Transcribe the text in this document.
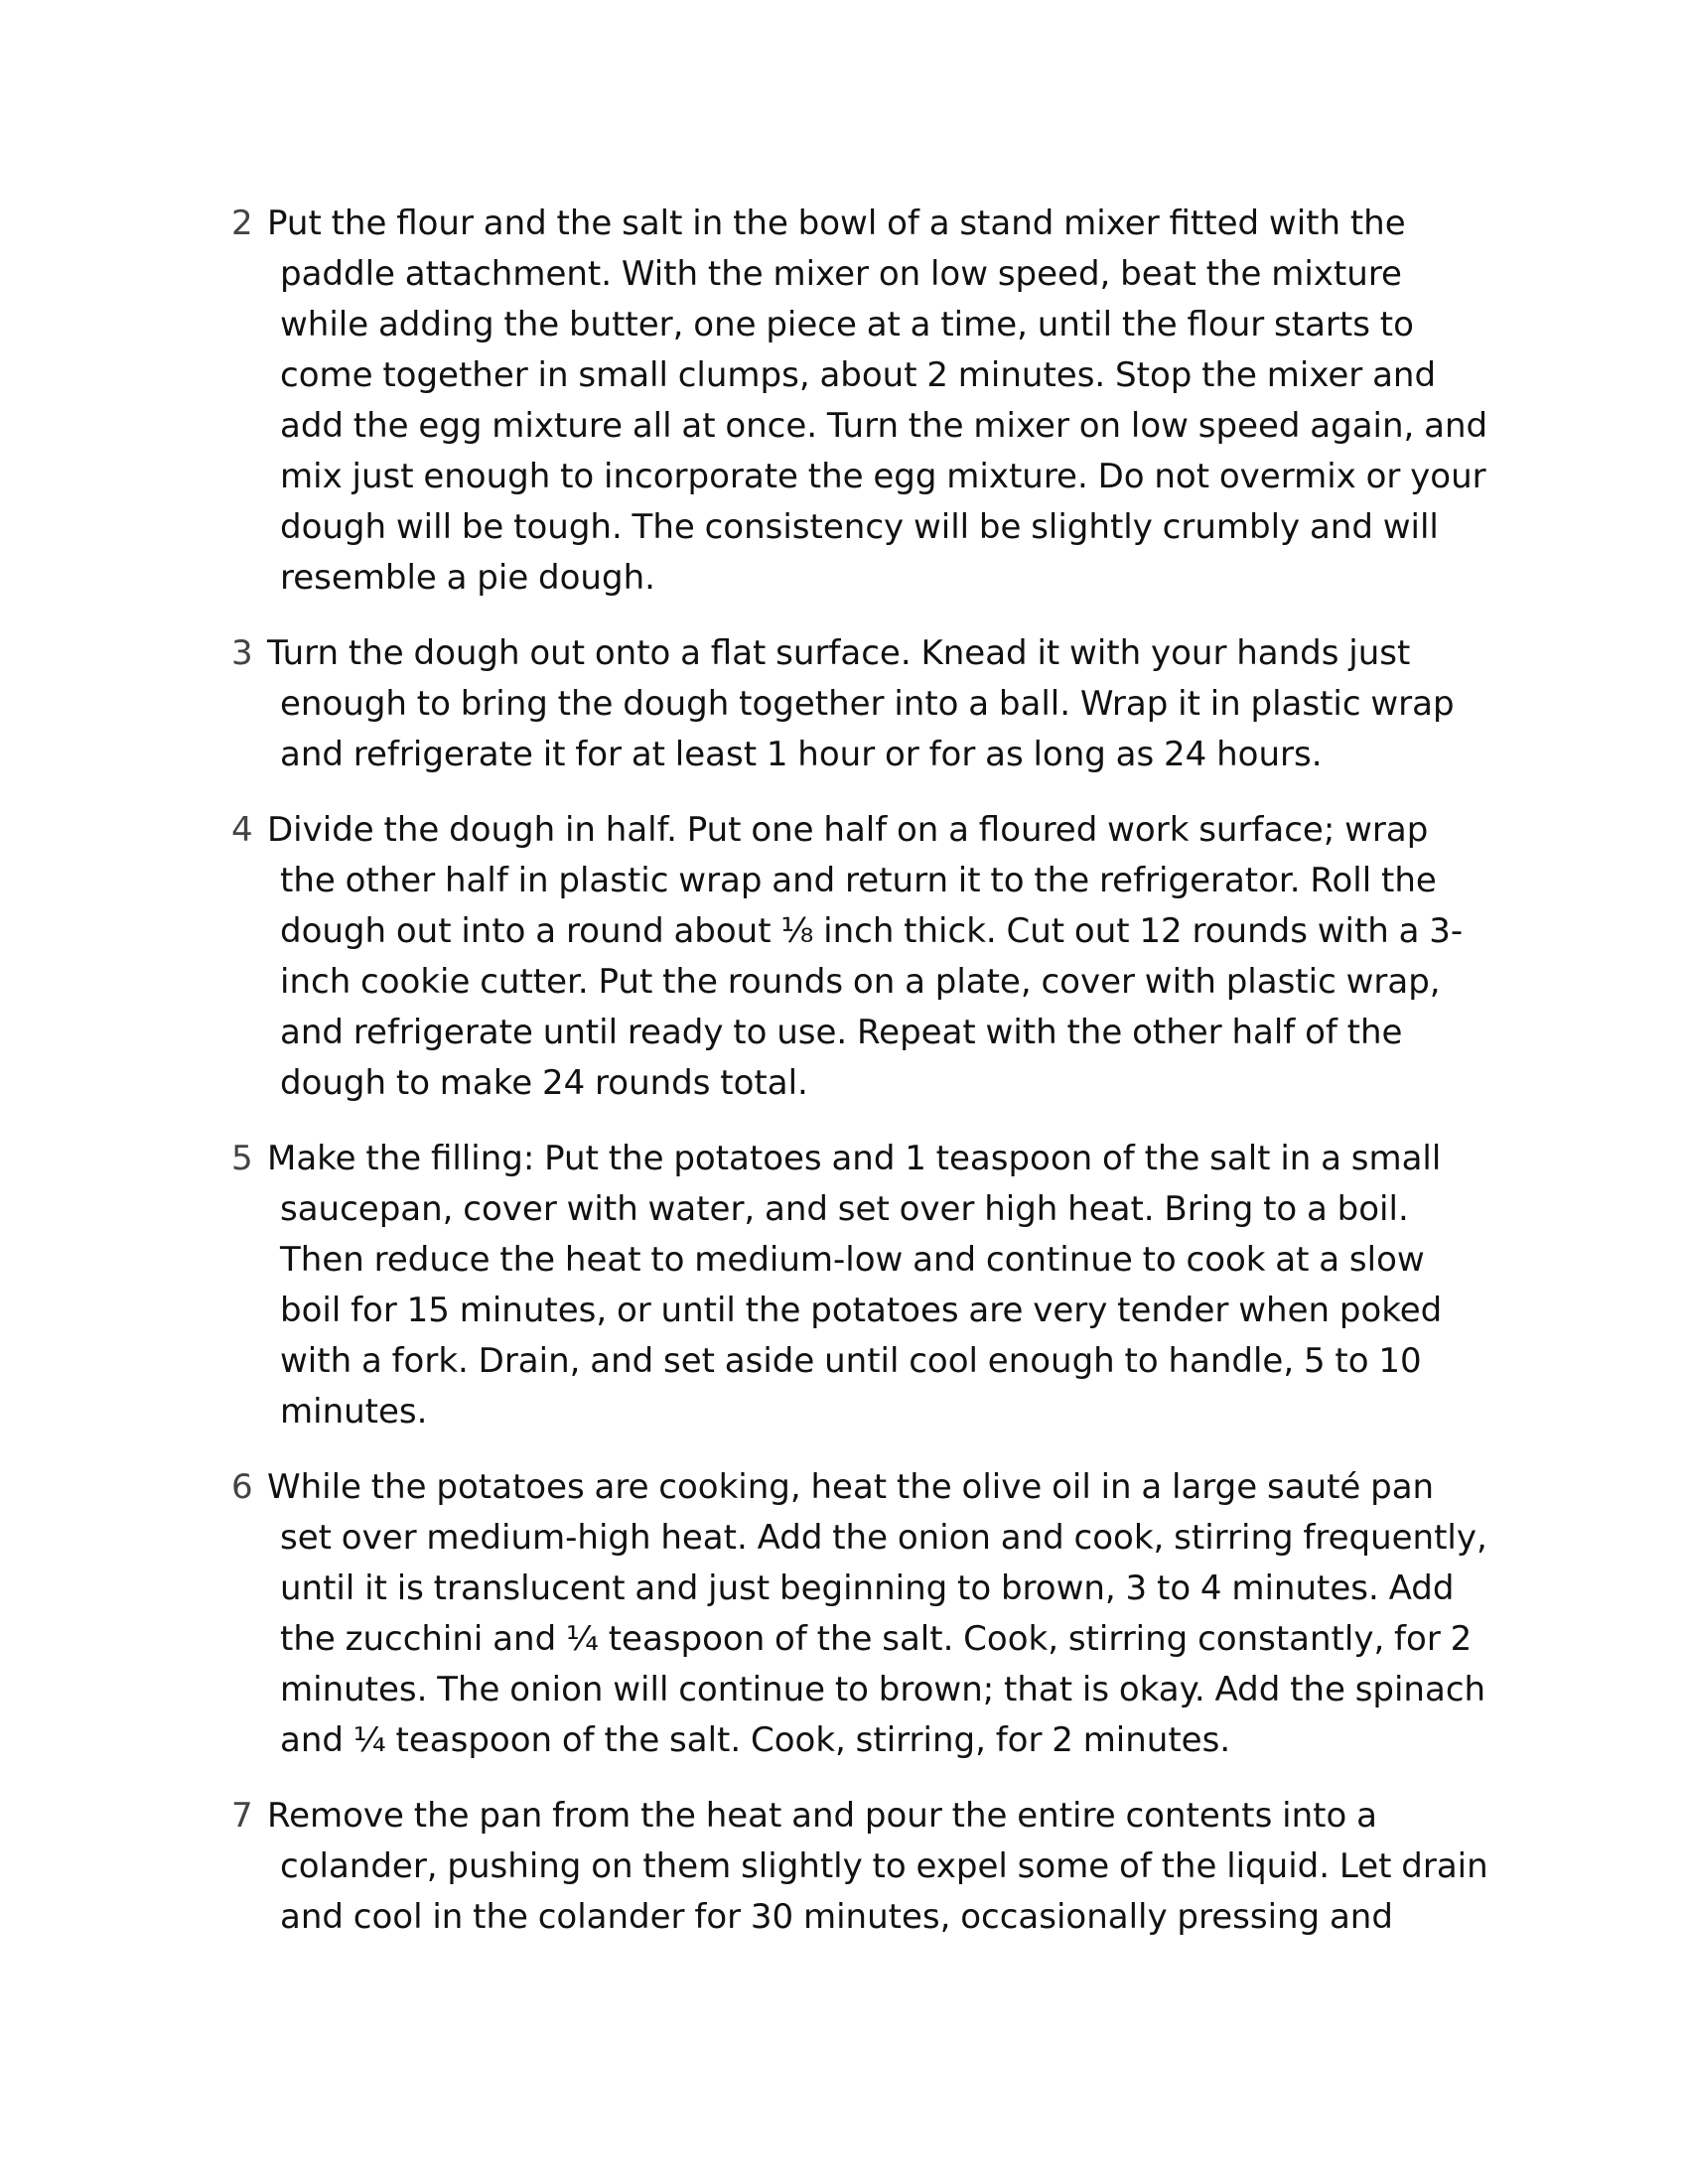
2 Put the flour and the salt in the bowl of a stand mixer fitted with the paddle attachment. With the mixer on low speed, beat the mixture while adding the butter, one piece at a time, until the flour starts to come together in small clumps, about 2 minutes. Stop the mixer and add the egg mixture all at once. Turn the mixer on low speed again, and mix just enough to incorporate the egg mixture. Do not overmix or your dough will be tough. The consistency will be slightly crumbly and will resemble a pie dough.

3 Turn the dough out onto a flat surface. Knead it with your hands just enough to bring the dough together into a ball. Wrap it in plastic wrap and refrigerate it for at least 1 hour or for as long as 24 hours.

4 Divide the dough in half. Put one half on a floured work surface; wrap the other half in plastic wrap and return it to the refrigerator. Roll the dough out into a round about ⅛ inch thick. Cut out 12 rounds with a 3-inch cookie cutter. Put the rounds on a plate, cover with plastic wrap, and refrigerate until ready to use. Repeat with the other half of the dough to make 24 rounds total.

5 Make the filling: Put the potatoes and 1 teaspoon of the salt in a small saucepan, cover with water, and set over high heat. Bring to a boil. Then reduce the heat to medium-low and continue to cook at a slow boil for 15 minutes, or until the potatoes are very tender when poked with a fork. Drain, and set aside until cool enough to handle, 5 to 10 minutes.

6 While the potatoes are cooking, heat the olive oil in a large sauté pan set over medium-high heat. Add the onion and cook, stirring frequently, until it is translucent and just beginning to brown, 3 to 4 minutes. Add the zucchini and ¼ teaspoon of the salt. Cook, stirring constantly, for 2 minutes. The onion will continue to brown; that is okay. Add the spinach and ¼ teaspoon of the salt. Cook, stirring, for 2 minutes.

7 Remove the pan from the heat and pour the entire contents into a colander, pushing on them slightly to expel some of the liquid. Let drain and cool in the colander for 30 minutes, occasionally pressing and
